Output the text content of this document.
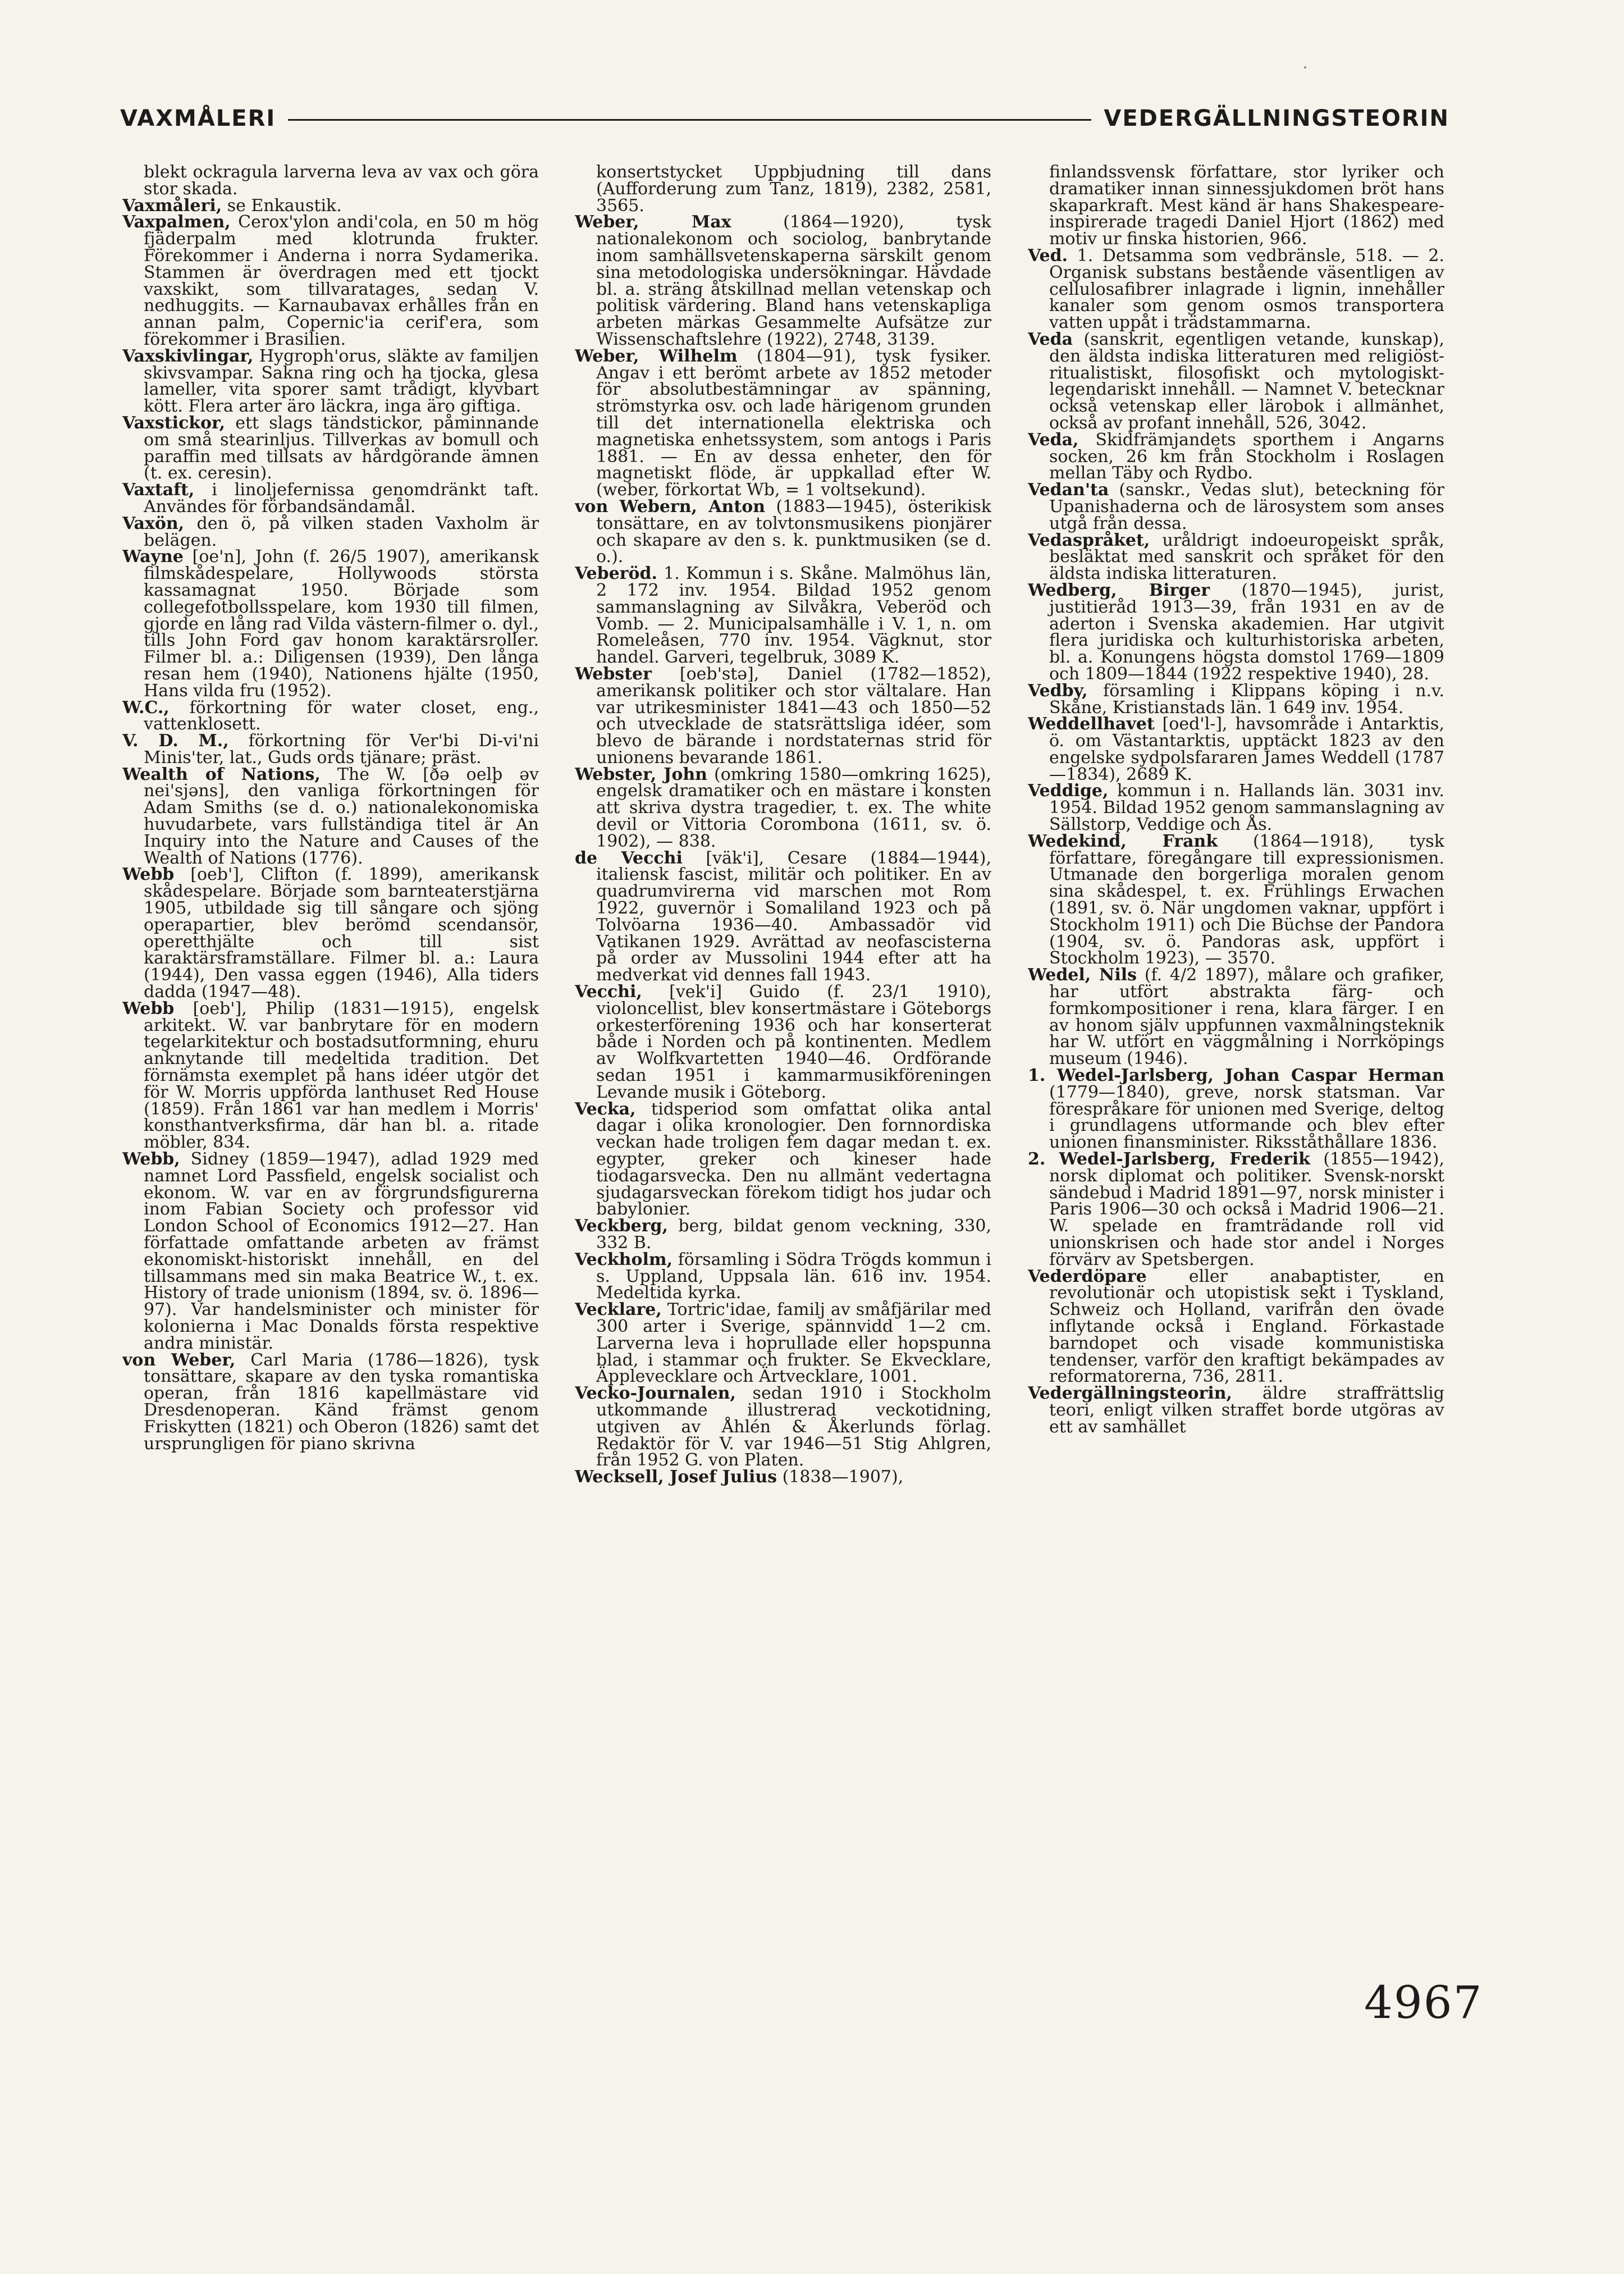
VAXMÅLERI	VEDERGÄLLNINGSTEORIN

blekt ockragula larverna leva av vax och göra stor skada.

Vaxmåleri, se Enkaustik.

Vaxpalmen, Cerox'ylon andi'cola, en 50 m hög fjäderpalm med klotrunda frukter. Förekommer i Anderna i norra Sydamerika. Stammen är överdragen med ett tjockt vaxskikt, som tillvaratages, sedan V. nedhuggits. — Karnaubavax erhålles från en annan palm, Copernic'ia cerif'era, som förekommer i Brasilien.

Vaxskivlingar, Hygroph'orus, släkte av familjen skivsvampar. Sakna ring och ha tjocka, glesa lameller, vita sporer samt trådigt, klyvbart kött. Flera arter äro läckra, inga äro giftiga.

Vaxstickor, ett slags tändstickor, påminnande om små stearinljus. Tillverkas av bomull och paraffin med tillsats av hårdgörande ämnen (t. ex. ceresin).

Vaxtaft, i linoljefernissa genomdränkt taft. Användes för förbandsändamål.

Vaxön, den ö, på vilken staden Vaxholm är belägen.

Wayne [oe'n], John (f. 26/5 1907), amerikansk filmskådespelare, Hollywoods största kassamagnat 1950. Började som collegefotbollsspelare, kom 1930 till filmen, gjorde en lång rad Vilda västern-filmer o. dyl., tills John Ford gav honom karaktärsroller. Filmer bl. a.: Diligensen (1939), Den långa resan hem (1940), Nationens hjälte (1950, Hans vilda fru (1952).

W.C., förkortning för water closet, eng., vattenklosett.

V. D. M., förkortning för Ver'bi Di-vi'ni Minis'ter, lat., Guds ords tjänare; präst.

Wealth of Nations, The W. [ðə oelþ əv nei'sjəns], den vanliga förkortningen för Adam Smiths (se d. o.) nationalekonomiska huvudarbete, vars fullständiga titel är An Inquiry into the Nature and Causes of the Wealth of Nations (1776).

Webb [oeb'], Clifton (f. 1899), amerikansk skådespelare. Började som barnteaterstjärna 1905, utbildade sig till sångare och sjöng operapartier, blev berömd scendansör, operetthjälte och till sist karaktärsframställare. Filmer bl. a.: Laura (1944), Den vassa eggen (1946), Alla tiders dadda (1947—48).

Webb [oeb'], Philip (1831—1915), engelsk arkitekt. W. var banbrytare för en modern tegelarkitektur och bostadsutformning, ehuru anknytande till medeltida tradition. Det förnämsta exemplet på hans idéer utgör det för W. Morris uppförda lanthuset Red House (1859). Från 1861 var han medlem i Morris' konsthantverksfirma, där han bl. a. ritade möbler, 834.

Webb, Sidney (1859—1947), adlad 1929 med namnet Lord Passfield, engelsk socialist och ekonom. W. var en av förgrundsfigurerna inom Fabian Society och professor vid London School of Economics 1912—27. Han författade omfattande arbeten av främst ekonomiskt-historiskt innehåll, en del tillsammans med sin maka Beatrice W., t. ex. History of trade unionism (1894, sv. ö. 1896—97). Var handelsminister och minister för kolonierna i Mac Donalds första respektive andra ministär.

von Weber, Carl Maria (1786—1826), tysk tonsättare, skapare av den tyska romantiska operan, från 1816 kapellmästare vid Dresdenoperan. Känd främst genom Friskytten (1821) och Oberon (1826) samt det ursprungligen för piano skrivna

konsertstycket Uppbjudning till dans (Aufforderung zum Tanz, 1819), 2382, 2581, 3565.

Weber, Max (1864—1920), tysk nationalekonom och sociolog, banbrytande inom samhällsvetenskaperna särskilt genom sina metodologiska undersökningar. Hävdade bl. a. sträng åtskillnad mellan vetenskap och politisk värdering. Bland hans vetenskapliga arbeten märkas Gesammelte Aufsätze zur Wissenschaftslehre (1922), 2748, 3139.

Weber, Wilhelm (1804—91), tysk fysiker. Angav i ett berömt arbete av 1852 metoder för absolutbestämningar av spänning, strömstyrka osv. och lade härigenom grunden till det internationella elektriska och magnetiska enhetssystem, som antogs i Paris 1881. — En av dessa enheter, den för magnetiskt flöde, är uppkallad efter W. (weber, förkortat Wb, = 1 voltsekund).

von Webern, Anton (1883—1945), österikisk tonsättare, en av tolvtonsmusikens pionjärer och skapare av den s. k. punktmusiken (se d. o.).

Veberöd. 1. Kommun i s. Skåne. Malmöhus län, 2 172 inv. 1954. Bildad 1952 genom sammanslagning av Silvåkra, Veberöd och Vomb. — 2. Municipalsamhälle i V. 1, n. om Romeleåsen, 770 inv. 1954. Vägknut, stor handel. Garveri, tegelbruk, 3089 K.

Webster [oeb'stə], Daniel (1782—1852), amerikansk politiker och stor vältalare. Han var utrikesminister 1841—43 och 1850—52 och utvecklade de statsrättsliga idéer, som blevo de bärande i nordstaternas strid för unionens bevarande 1861.

Webster, John (omkring 1580—omkring 1625), engelsk dramatiker och en mästare i konsten att skriva dystra tragedier, t. ex. The white devil or Vittoria Corombona (1611, sv. ö. 1902), — 838.

de Vecchi [väk'i], Cesare (1884—1944), italiensk fascist, militär och politiker. En av quadrumvirerna vid marschen mot Rom 1922, guvernör i Somaliland 1923 och på Tolvöarna 1936—40. Ambassadör vid Vatikanen 1929. Avrättad av neofascisterna på order av Mussolini 1944 efter att ha medverkat vid dennes fall 1943.

Vecchi, [vek'i] Guido (f. 23/1 1910), violoncellist, blev konsertmästare i Göteborgs orkesterförening 1936 och har konserterat både i Norden och på kontinenten. Medlem av Wolfkvartetten 1940—46. Ordförande sedan 1951 i kammarmusikföreningen Levande musik i Göteborg.

Vecka, tidsperiod som omfattat olika antal dagar i olika kronologier. Den fornnordiska veckan hade troligen fem dagar medan t. ex. egypter, greker och kineser hade tiodagarsvecka. Den nu allmänt vedertagna sjudagarsveckan förekom tidigt hos judar och babylonier.

Veckberg, berg, bildat genom veckning, 330, 332 B.

Veckholm, församling i Södra Trögds kommun i s. Uppland, Uppsala län. 616 inv. 1954. Medeltida kyrka.

Vecklare, Tortric'idae, familj av småfjärilar med 300 arter i Sverige, spännvidd 1—2 cm. Larverna leva i hoprullade eller hopspunna blad, i stammar och frukter. Se Ekvecklare, Äpplevecklare och Ärtvecklare, 1001.

Vecko-Journalen, sedan 1910 i Stockholm utkommande illustrerad veckotidning, utgiven av Åhlén & Åkerlunds förlag. Redaktör för V. var 1946—51 Stig Ahlgren, från 1952 G. von Platen.

Wecksell, Josef Julius (1838—1907),

finlandssvensk författare, stor lyriker och dramatiker innan sinnessjukdomen bröt hans skaparkraft. Mest känd är hans Shakespeare-inspirerade tragedi Daniel Hjort (1862) med motiv ur finska historien, 966.

Ved. 1. Detsamma som vedbränsle, 518. — 2. Organisk substans bestående väsentligen av cellulosafibrer inlagrade i lignin, innehåller kanaler som genom osmos transportera vatten uppåt i trädstammarna.

Veda (sanskrit, egentligen vetande, kunskap), den äldsta indiska litteraturen med religiöst-ritualistiskt, filosofiskt och mytologiskt-legendariskt innehåll. — Namnet V. betecknar också vetenskap eller lärobok i allmänhet, också av profant innehåll, 526, 3042.

Veda, Skidfrämjandets sporthem i Angarns socken, 26 km från Stockholm i Roslagen mellan Täby och Rydbo.

Vedan'ta (sanskr., Vedas slut), beteckning för Upanishaderna och de lärosystem som anses utgå från dessa.

Vedaspråket, uråldrigt indoeuropeiskt språk, besläktat med sanskrit och språket för den äldsta indiska litteraturen.

Wedberg, Birger (1870—1945), jurist, justitieråd 1913—39, från 1931 en av de aderton i Svenska akademien. Har utgivit flera juridiska och kulturhistoriska arbeten, bl. a. Konungens högsta domstol 1769—1809 och 1809—1844 (1922 respektive 1940), 28.

Vedby, församling i Klippans köping i n.v. Skåne, Kristianstads län. 1 649 inv. 1954.

Weddellhavet [oed'l-], havsområde i Antarktis, ö. om Västantarktis, upptäckt 1823 av den engelske sydpolsfararen James Weddell (1787—1834), 2689 K.

Veddige, kommun i n. Hallands län. 3031 inv. 1954. Bildad 1952 genom sammanslagning av Sällstorp, Veddige och Ås.

Wedekind, Frank (1864—1918), tysk författare, föregångare till expressionismen. Utmanade den borgerliga moralen genom sina skådespel, t. ex. Frühlings Erwachen (1891, sv. ö. När ungdomen vaknar, uppfört i Stockholm 1911) och Die Büchse der Pandora (1904, sv. ö. Pandoras ask, uppfört i Stockholm 1923), — 3570.

Wedel, Nils (f. 4/2 1897), målare och grafiker, har utfört abstrakta färg- och formkompositioner i rena, klara färger. I en av honom själv uppfunnen vaxmålningsteknik har W. utfört en väggmålning i Norrköpings museum (1946).

1. Wedel-Jarlsberg, Johan Caspar Herman (1779—1840), greve, norsk statsman. Var förespråkare för unionen med Sverige, deltog i grundlagens utformande och blev efter unionen finansminister. Riksståthållare 1836.

2. Wedel-Jarlsberg, Frederik (1855—1942), norsk diplomat och politiker. Svensk-norskt sändebud i Madrid 1891—97, norsk minister i Paris 1906—30 och också i Madrid 1906—21. W. spelade en framträdande roll vid unionskrisen och hade stor andel i Norges förvärv av Spetsbergen.

Vederdöpare eller anabaptister, en revolutionär och utopistisk sekt i Tyskland, Schweiz och Holland, varifrån den övade inflytande också i England. Förkastade barndopet och visade kommunistiska tendenser, varför den kraftigt bekämpades av reformatorerna, 736, 2811.

Vedergällningsteorin, äldre straffrättslig teori, enligt vilken straffet borde utgöras av ett av samhället

4967
